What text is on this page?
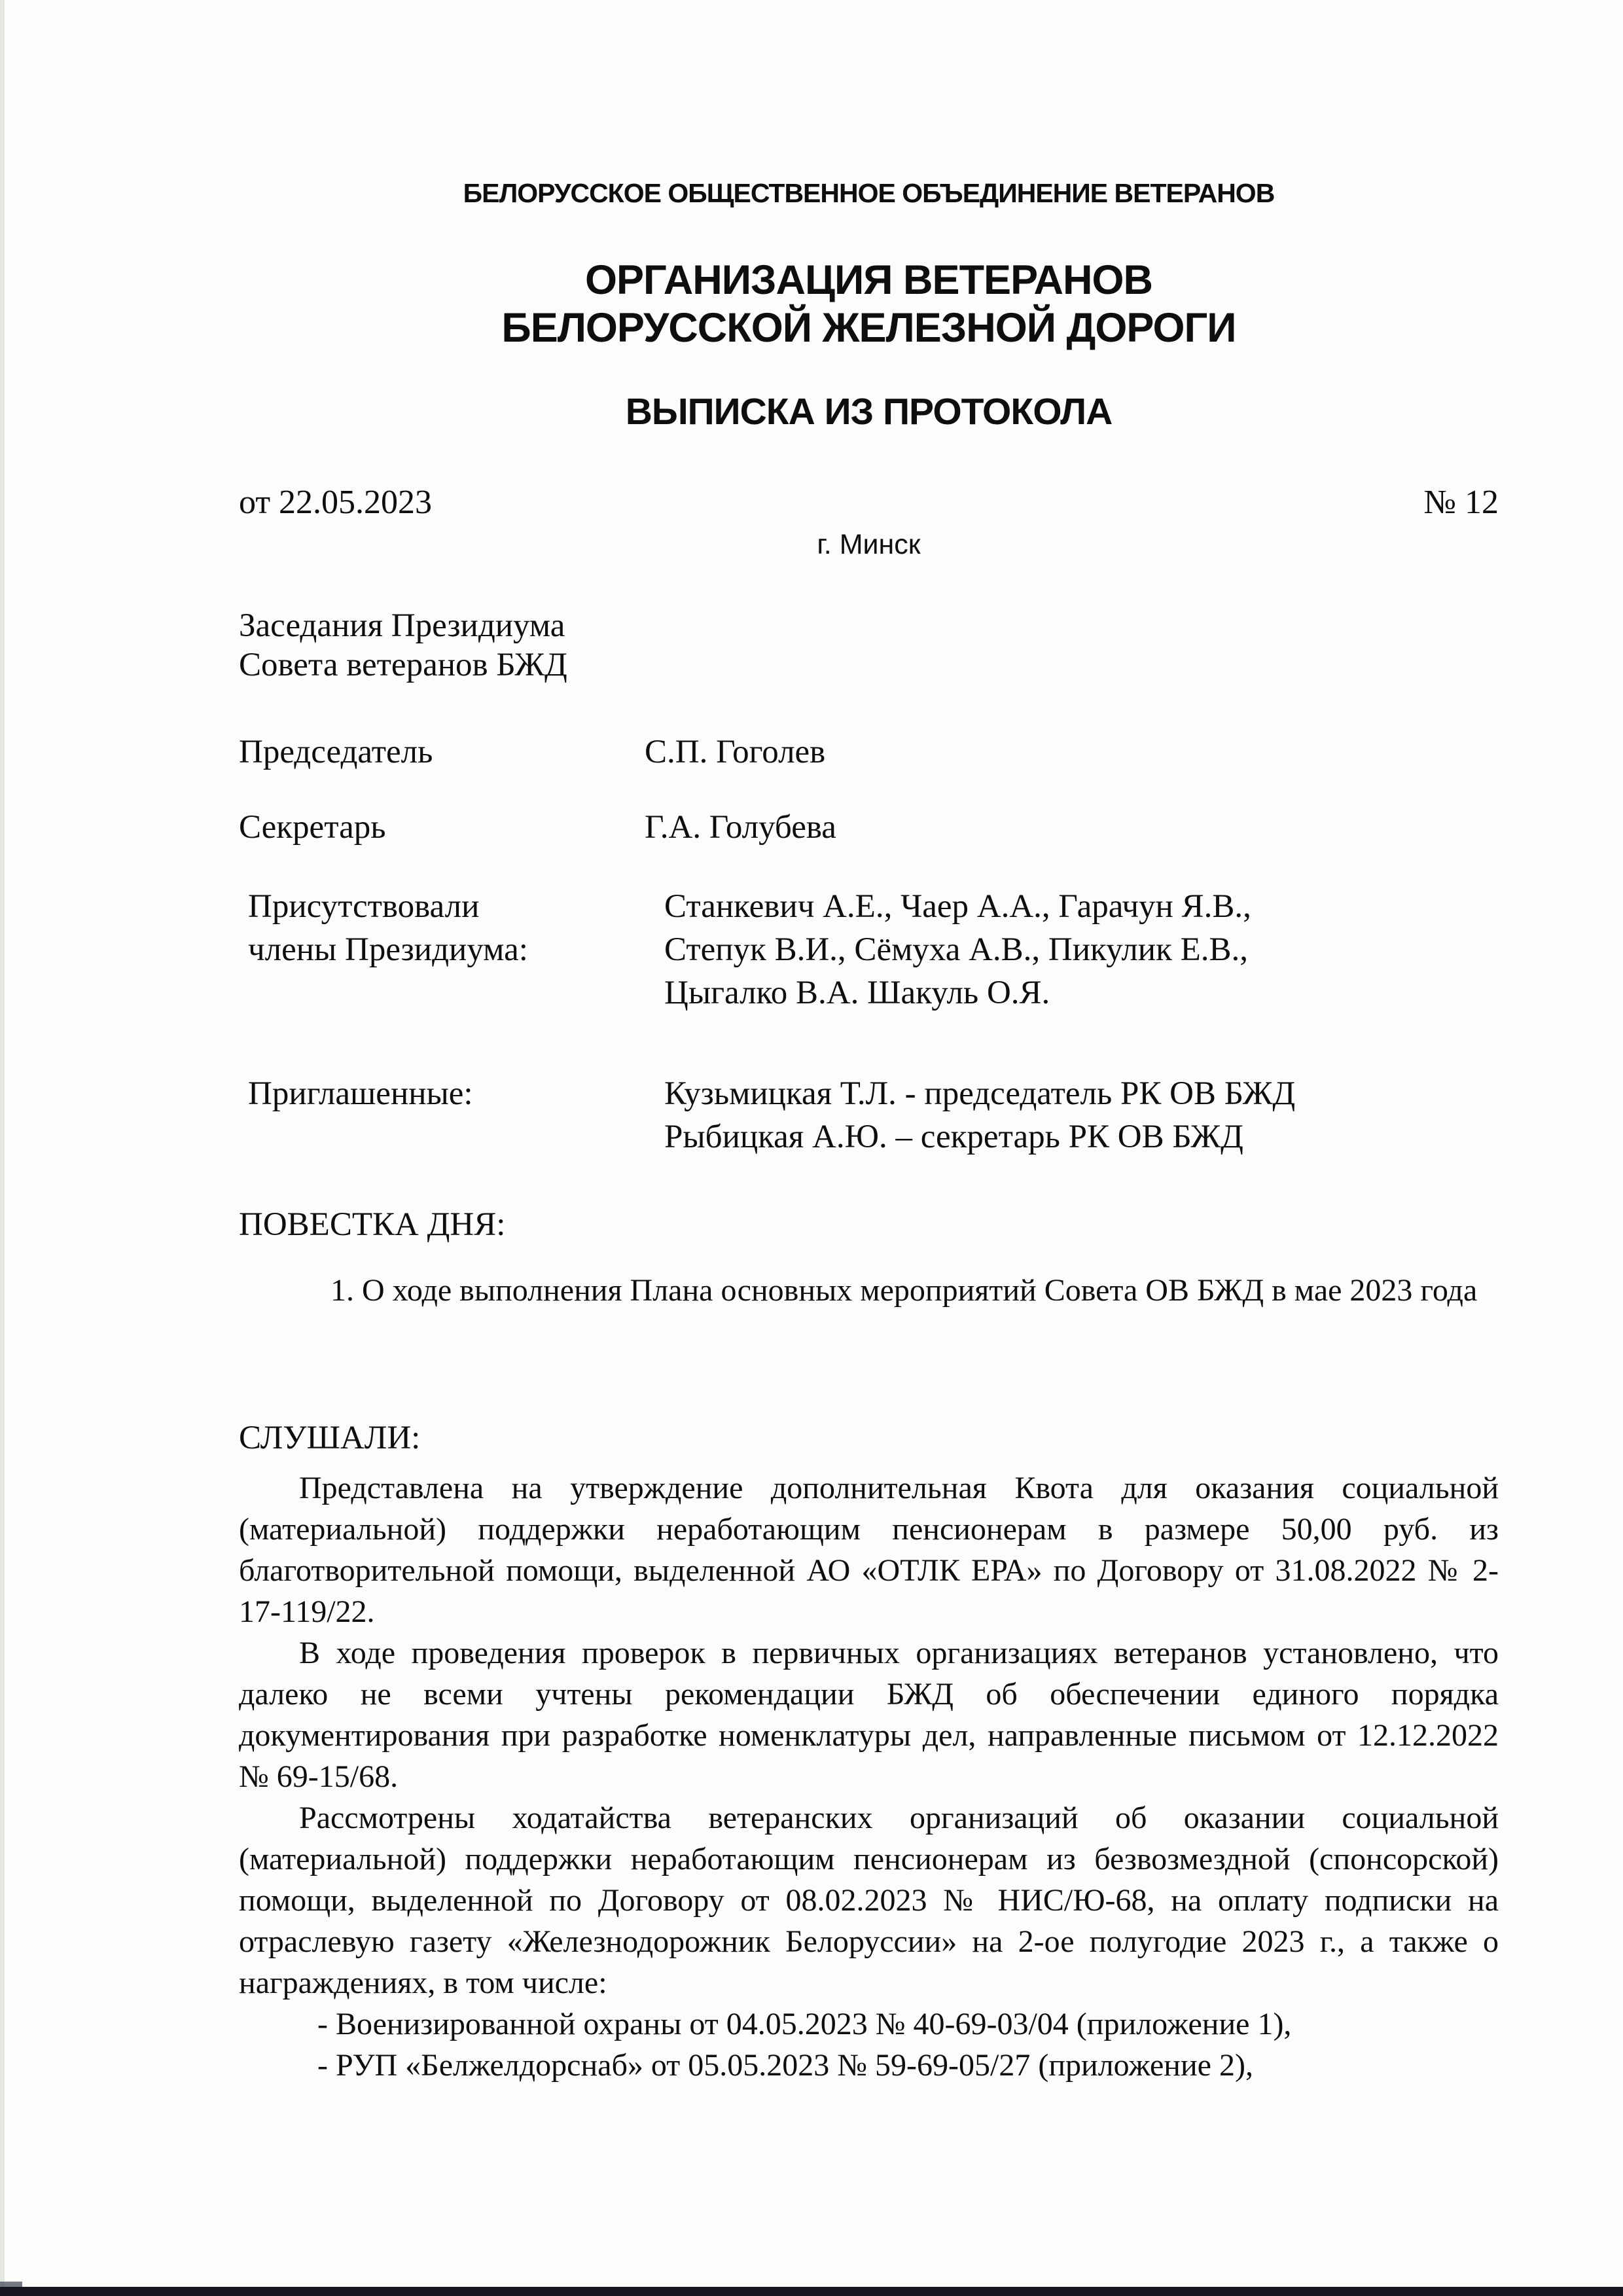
БЕЛОРУССКОЕ ОБЩЕСТВЕННОЕ ОБЪЕДИНЕНИЕ ВЕТЕРАНОВ
ОРГАНИЗАЦИЯ ВЕТЕРАНОВ
БЕЛОРУССКОЙ ЖЕЛЕЗНОЙ ДОРОГИ
ВЫПИСКА ИЗ ПРОТОКОЛА
от 22.05.2023	№ 12
г. Минск
Заседания Президиума
Совета ветеранов БЖД
Председатель	С.П. Гоголев
Секретарь	Г.А. Голубева
Присутствовали
члены Президиума:
Станкевич А.Е., Чаер А.А., Гарачун Я.В.,
Степук В.И., Сёмуха А.В., Пикулик Е.В.,
Цыгалко В.А. Шакуль О.Я.
Приглашенные:	Кузьмицкая Т.Л. - председатель РК ОВ БЖД
Рыбицкая А.Ю. – секретарь РК ОВ БЖД
ПОВЕСТКА ДНЯ:
1. О ходе выполнения Плана основных мероприятий Совета ОВ БЖД в мае 2023 года
СЛУШАЛИ:

Представлена на утверждение дополнительная Квота для оказания социальной (материальной) поддержки неработающим пенсионерам в размере 50,00 руб. из благотворительной помощи, выделенной АО «ОТЛК ЕРА» по Договору от 31.08.2022 № 2-17-119/22.

В ходе проведения проверок в первичных организациях ветеранов установлено, что далеко не всеми учтены рекомендации БЖД об обеспечении единого порядка документирования при разработке номенклатуры дел, направленные письмом от 12.12.2022 № 69-15/68.

Рассмотрены ходатайства ветеранских организаций об оказании социальной (материальной) поддержки неработающим пенсионерам из безвозмездной (спонсорской) помощи, выделенной по Договору от 08.02.2023 № НИС/Ю-68, на оплату подписки на отраслевую газету «Железнодорожник Белоруссии» на 2-ое полугодие 2023 г., а также о награждениях, в том числе:

- Военизированной охраны от 04.05.2023 № 40-69-03/04 (приложение 1),

- РУП «Белжелдорснаб» от 05.05.2023 № 59-69-05/27 (приложение 2),
